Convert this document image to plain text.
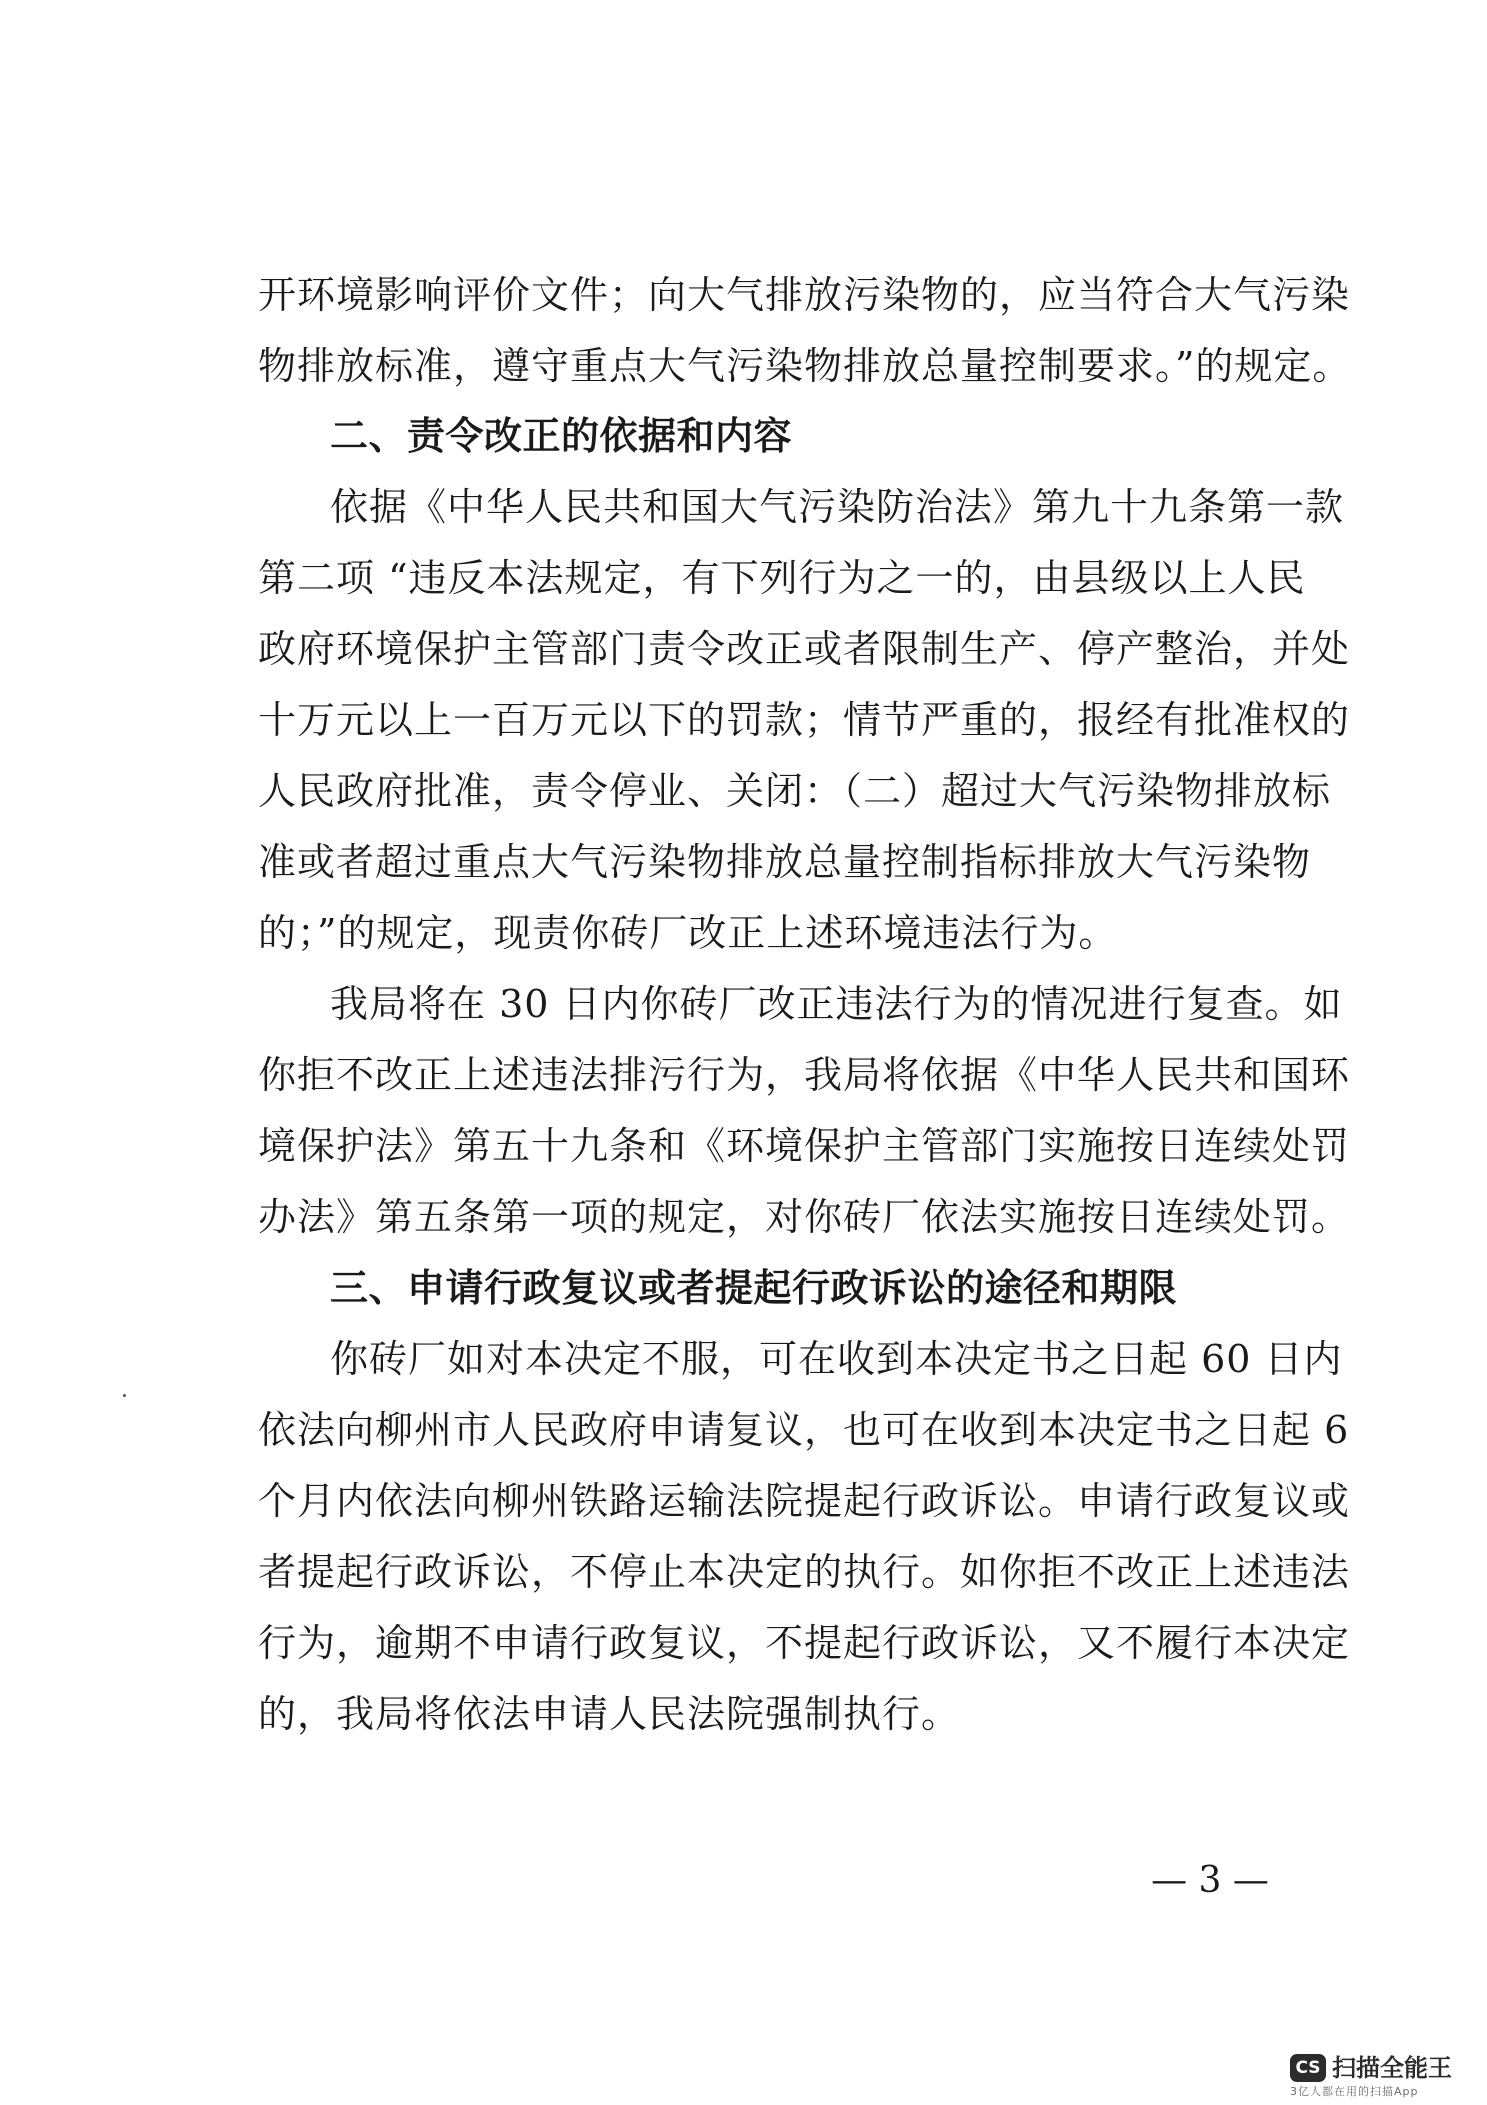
开环境影响评价文件；向大气排放污染物的，应当符合大气污染
物排放标准，遵守重点大气污染物排放总量控制要求。”的规定。
二、责令改正的依据和内容
依据《中华人民共和国大气污染防治法》第九十九条第一款
第二项 “违反本法规定，有下列行为之一的，由县级以上人民
政府环境保护主管部门责令改正或者限制生产、停产整治，并处
十万元以上一百万元以下的罚款；情节严重的，报经有批准权的
人民政府批准，责令停业、关闭：（二）超过大气污染物排放标
准或者超过重点大气污染物排放总量控制指标排放大气污染物
的；”的规定，现责你砖厂改正上述环境违法行为。
我局将在 30 日内你砖厂改正违法行为的情况进行复查。如
你拒不改正上述违法排污行为，我局将依据《中华人民共和国环
境保护法》第五十九条和《环境保护主管部门实施按日连续处罚
办法》第五条第一项的规定，对你砖厂依法实施按日连续处罚。
三、申请行政复议或者提起行政诉讼的途径和期限
你砖厂如对本决定不服，可在收到本决定书之日起 60 日内
依法向柳州市人民政府申请复议，也可在收到本决定书之日起 6
个月内依法向柳州铁路运输法院提起行政诉讼。申请行政复议或
者提起行政诉讼，不停止本决定的执行。如你拒不改正上述违法
行为，逾期不申请行政复议，不提起行政诉讼，又不履行本决定
的，我局将依法申请人民法院强制执行。
— 3 —
CS 扫描全能王
3亿人都在用的扫描App
